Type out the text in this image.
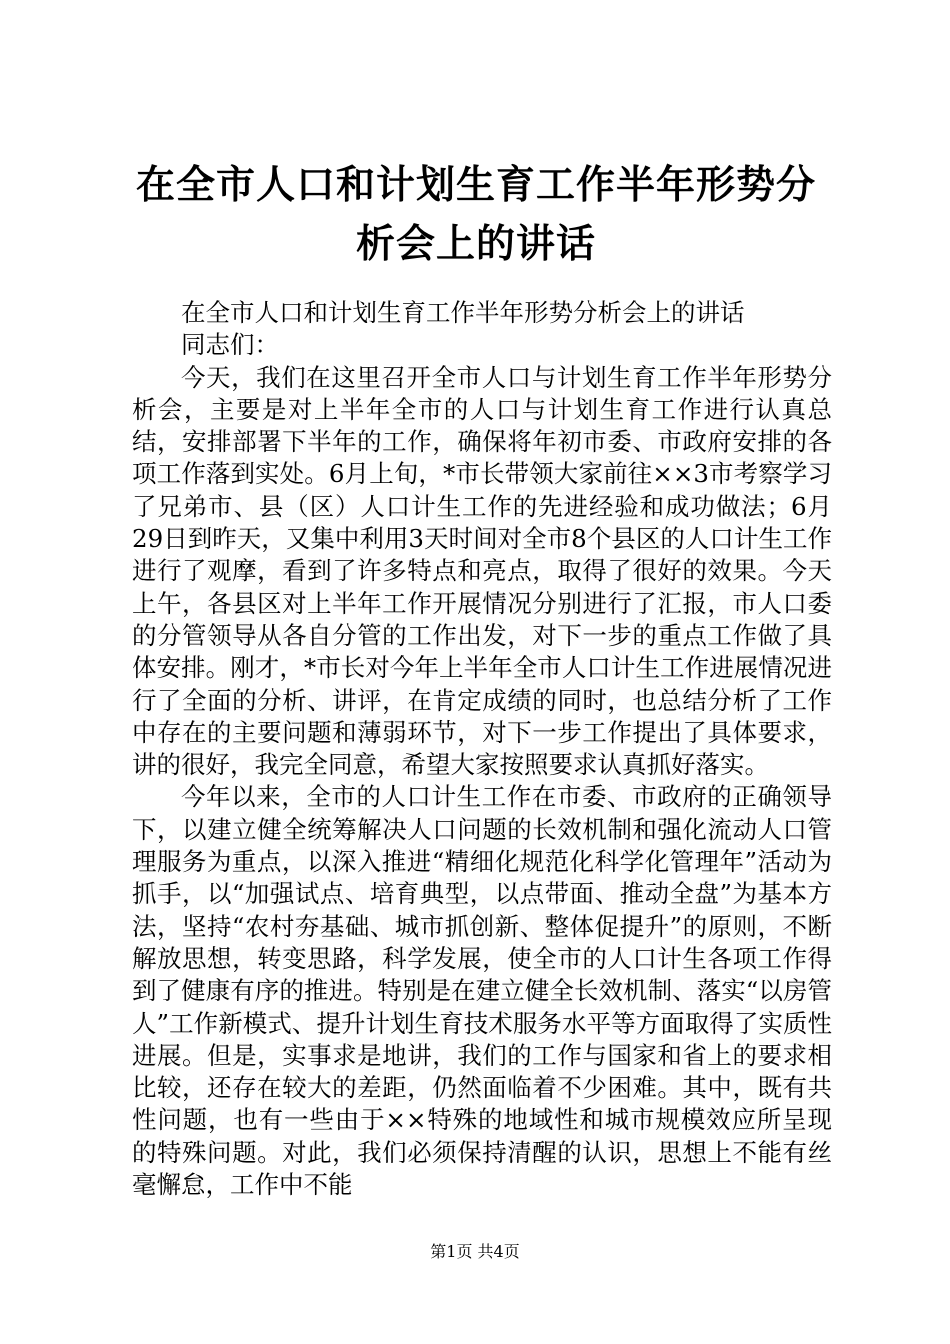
在全市人口和计划生育工作半年形势分析会上的讲话

在全市人口和计划生育工作半年形势分析会上的讲话

同志们：

今天，我们在这里召开全市人口与计划生育工作半年形势分析会，主要是对上半年全市的人口与计划生育工作进行认真总结，安排部署下半年的工作，确保将年初市委、市政府安排的各项工作落到实处。6月上旬，*市长带领大家前往××3市考察学习了兄弟市、县（区）人口计生工作的先进经验和成功做法；6月29日到昨天，又集中利用3天时间对全市8个县区的人口计生工作进行了观摩，看到了许多特点和亮点，取得了很好的效果。今天上午，各县区对上半年工作开展情况分别进行了汇报，市人口委的分管领导从各自分管的工作出发，对下一步的重点工作做了具体安排。刚才，*市长对今年上半年全市人口计生工作进展情况进行了全面的分析、讲评，在肯定成绩的同时，也总结分析了工作中存在的主要问题和薄弱环节，对下一步工作提出了具体要求，讲的很好，我完全同意，希望大家按照要求认真抓好落实。

今年以来，全市的人口计生工作在市委、市政府的正确领导下，以建立健全统筹解决人口问题的长效机制和强化流动人口管理服务为重点，以深入推进“精细化规范化科学化管理年”活动为抓手，以“加强试点、培育典型，以点带面、推动全盘”为基本方法，坚持“农村夯基础、城市抓创新、整体促提升”的原则，不断解放思想，转变思路，科学发展，使全市的人口计生各项工作得到了健康有序的推进。特别是在建立健全长效机制、落实“以房管人”工作新模式、提升计划生育技术服务水平等方面取得了实质性进展。但是，实事求是地讲，我们的工作与国家和省上的要求相比较，还存在较大的差距，仍然面临着不少困难。其中，既有共性问题，也有一些由于××特殊的地域性和城市规模效应所呈现的特殊问题。对此，我们必须保持清醒的认识，思想上不能有丝毫懈怠，工作中不能

第1页 共4页
